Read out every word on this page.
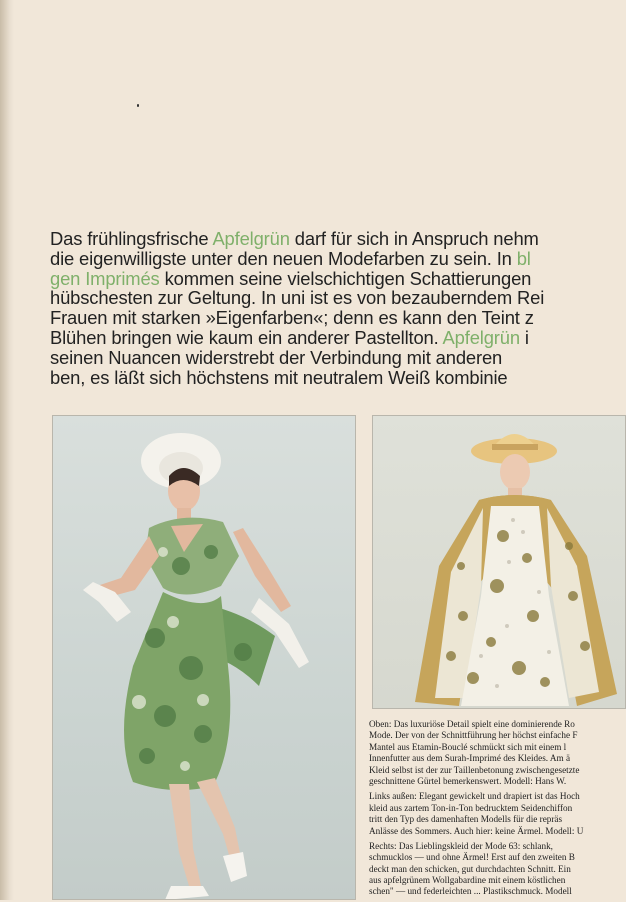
Das frühlingsfrische Apfelgrün darf für sich in Anspruch nehm
die eigenwilligste unter den neuen Modefarben zu sein. In bl
gen Imprimés kommen seine vielschichtigen Schattierungen
hübschesten zur Geltung. In uni ist es von bezauberndem Rei
Frauen mit starken »Eigenfarben«; denn es kann den Teint z
Blühen bringen wie kaum ein anderer Pastellton. Apfelgrün i
seinen Nuancen widerstrebt der Verbindung mit anderen
ben, es läßt sich höchstens mit neutralem Weiß kombinie
Oben: Das luxuriöse Detail spielt eine dominierende Ro
Mode. Der von der Schnittführung her höchst einfache F
Mantel aus Etamin-Bouclé schmückt sich mit einem l
Innenfutter aus dem Surah-Imprimé des Kleides. Am ä
Kleid selbst ist der zur Taillenbetonung zwischengesetzte
geschnittene Gürtel bemerkenswert. Modell: Hans W.
Links außen: Elegant gewickelt und drapiert ist das Hoch
kleid aus zartem Ton-in-Ton bedrucktem Seidenchiffon
tritt den Typ des damenhaften Modells für die repräs
Anlässe des Sommers. Auch hier: keine Ärmel. Modell: U
Rechts: Das Lieblingskleid der Mode 63: schlank,
schmucklos — und ohne Ärmel! Erst auf den zweiten B
deckt man den schicken, gut durchdachten Schnitt. Ein
aus apfelgrünem Wollgabardine mit einem köstlichen
schen" — und federleichten ... Plastikschmuck. Modell
